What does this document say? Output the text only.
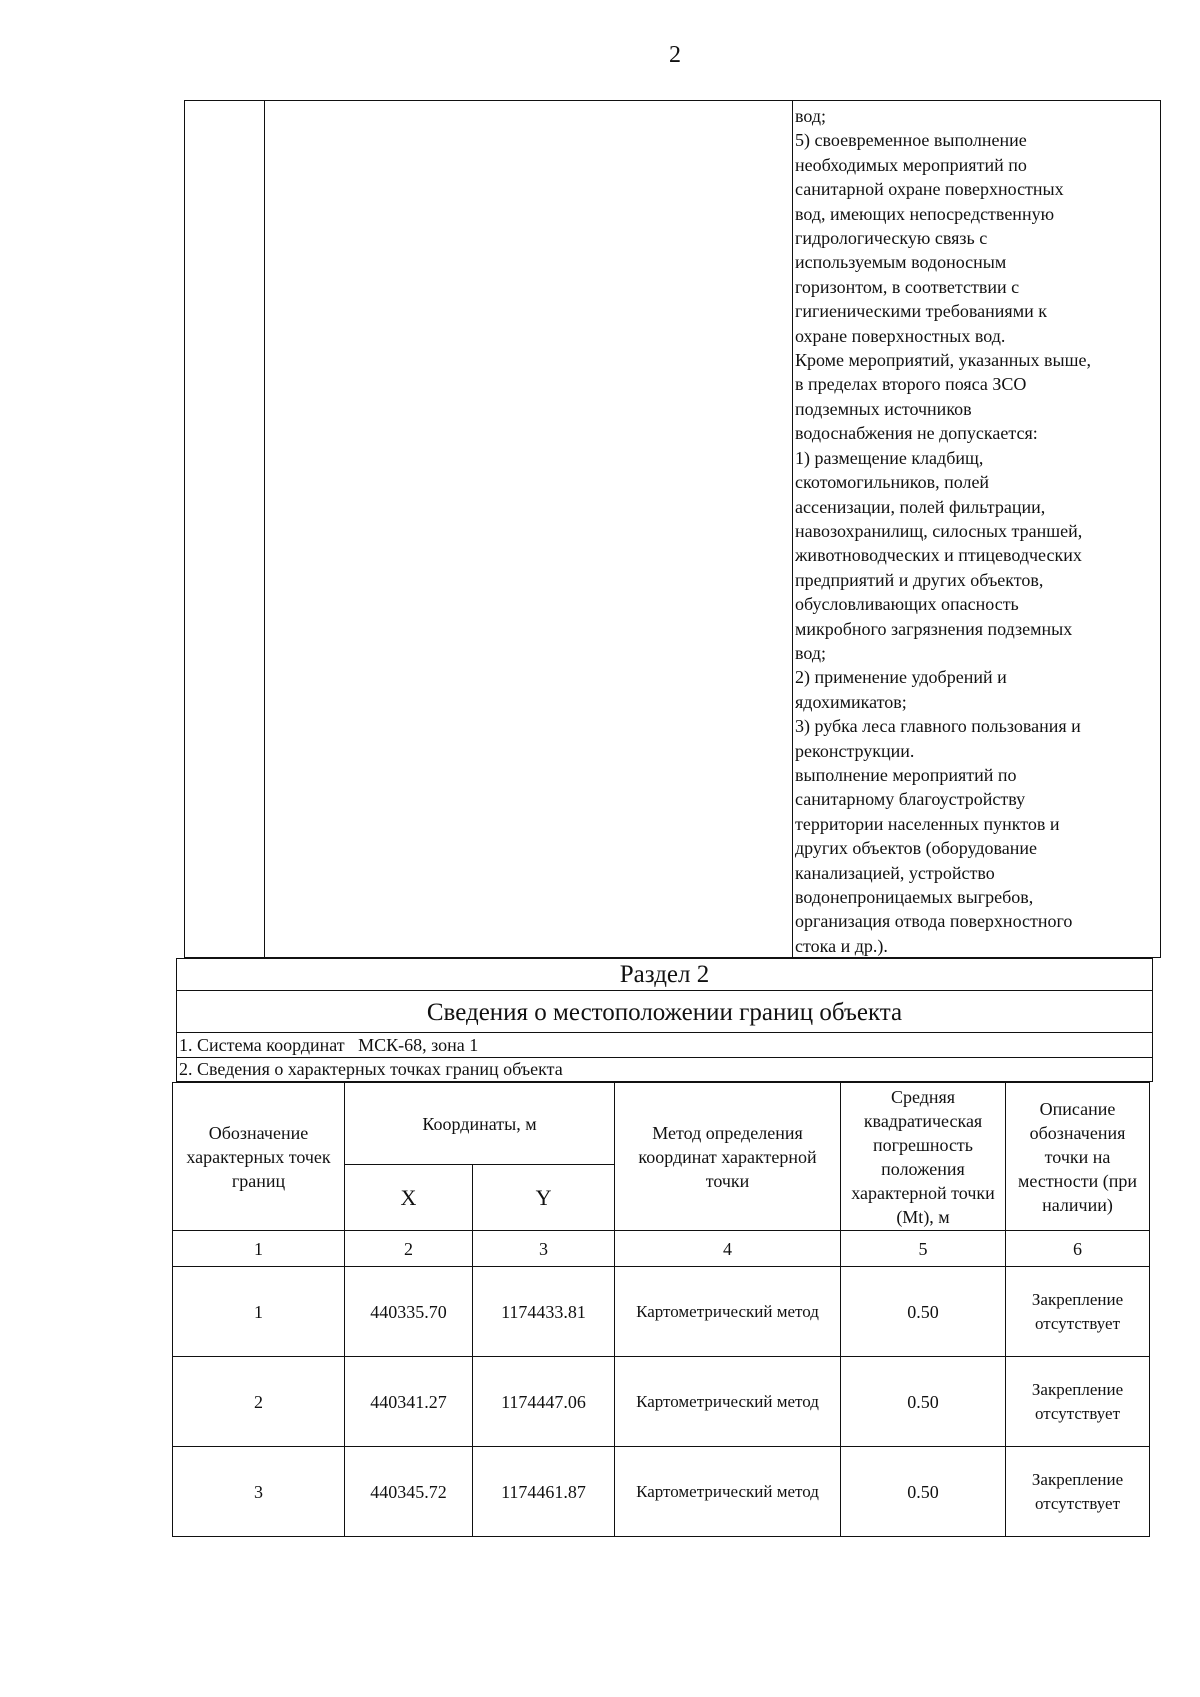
2
вод;
5) своевременное выполнение
необходимых мероприятий по
санитарной охране поверхностных
вод, имеющих непосредственную
гидрологическую связь с
используемым водоносным
горизонтом, в соответствии с
гигиеническими требованиями к
охране поверхностных вод.
Кроме мероприятий, указанных выше,
в пределах второго пояса ЗСО
подземных источников
водоснабжения не допускается:
1) размещение кладбищ,
скотомогильников, полей
ассенизации, полей фильтрации,
навозохранилищ, силосных траншей,
животноводческих и птицеводческих
предприятий и других объектов,
обусловливающих опасность
микробного загрязнения подземных
вод;
2) применение удобрений и
ядохимикатов;
3) рубка леса главного пользования и
реконструкции.
выполнение мероприятий по
санитарному благоустройству
территории населенных пунктов и
других объектов (оборудование
канализацией, устройство
водонепроницаемых выгребов,
организация отвода поверхностного
стока и др.).
Раздел 2
Сведения о местоположении границ объекта
1. Система координат   МСК-68, зона 1
2. Сведения о характерных точках границ объекта
Обозначение характерных точек границ	Координаты, м		Метод определения координат характерной точки	Средняя квадратическая погрешность положения характерной точки (Mt), м	Описание обозначения точки на местности (при наличии)
	X	Y			
1	2	3	4	5	6
1	440335.70	1174433.81	Картометрический метод	0.50	Закрепление отсутствует
2	440341.27	1174447.06	Картометрический метод	0.50	Закрепление отсутствует
3	440345.72	1174461.87	Картометрический метод	0.50	Закрепление отсутствует
